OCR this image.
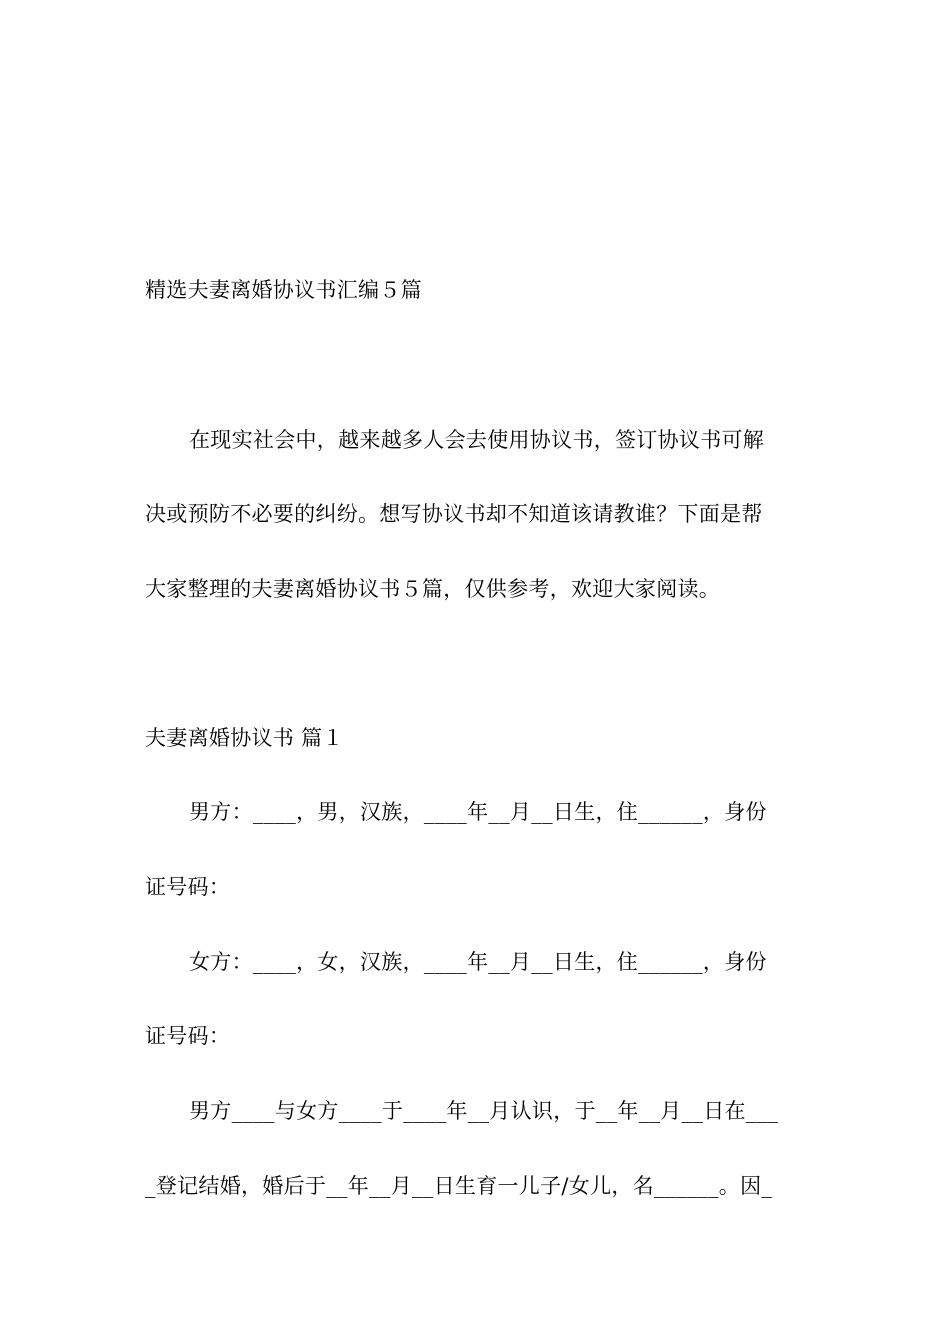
精选夫妻离婚协议书汇编５篇
在现实社会中，越来越多人会去使用协议书，签订协议书可解
决或预防不必要的纠纷。想写协议书却不知道该请教谁？下面是帮
大家整理的夫妻离婚协议书５篇，仅供参考，欢迎大家阅读。
夫妻离婚协议书 篇１
男方：____，男，汉族，____年__月__日生，住______，身份
证号码：
女方：____，女，汉族，____年__月__日生，住______，身份
证号码：
男方____与女方____于____年__月认识，于__年__月__日在___
_登记结婚，婚后于__年__月__日生育一儿子/女儿，名______。因_
